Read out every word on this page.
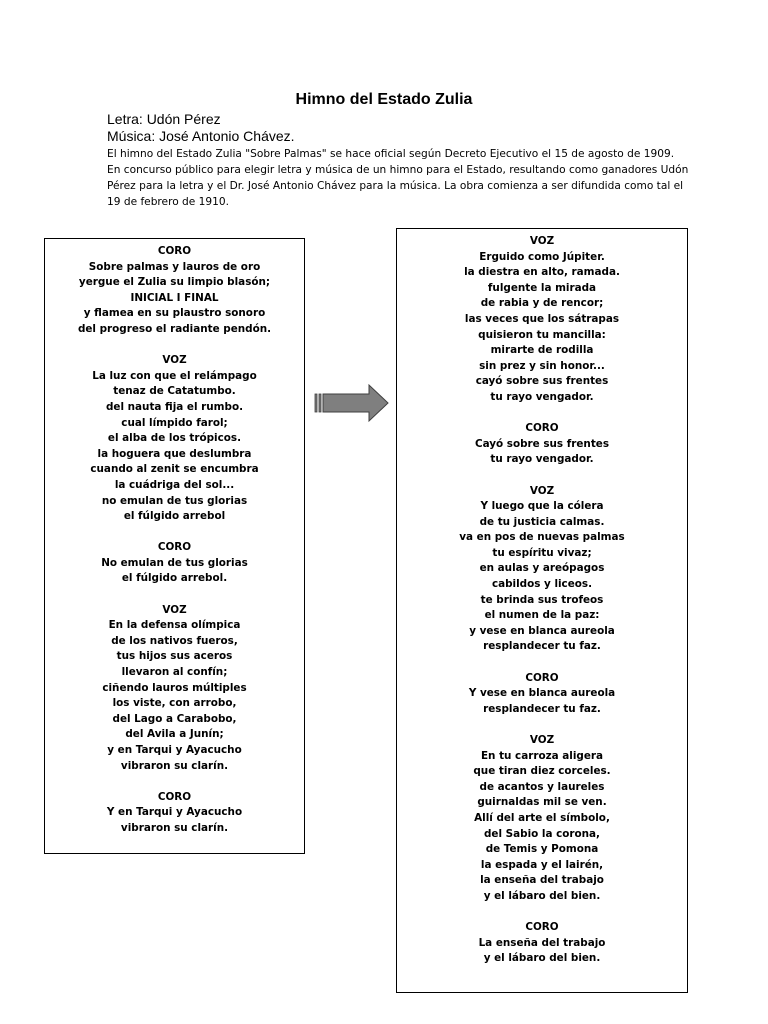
Himno del Estado Zulia
Letra: Udón Pérez
Música: José Antonio Chávez.
El himno del Estado Zulia "Sobre Palmas" se hace oficial según Decreto Ejecutivo el 15 de agosto de 1909.
En concurso público para elegir letra y música de un himno para el Estado, resultando como ganadores Udón
Pérez para la letra y el Dr. José Antonio Chávez para la música. La obra comienza a ser difundida como tal el
19 de febrero de 1910.
CORO
Sobre palmas y lauros de oro
yergue el Zulia su limpio blasón;
INICIAL I FINAL
y flamea en su plaustro sonoro
del progreso el radiante pendón.
VOZ
La luz con que el relámpago
tenaz de Catatumbo.
del nauta fija el rumbo.
cual límpido farol;
el alba de los trópicos.
la hoguera que deslumbra
cuando al zenit se encumbra
la cuádriga del sol...
no emulan de tus glorias
el fúlgido arrebol
CORO
No emulan de tus glorias
el fúlgido arrebol.
VOZ
En la defensa olímpica
de los nativos fueros,
tus hijos sus aceros
llevaron al confín;
ciñendo lauros múltiples
los viste, con arrobo,
del Lago a Carabobo,
del Avila a Junín;
y en Tarqui y Ayacucho
vibraron su clarín.
CORO
Y en Tarqui y Ayacucho
vibraron su clarín.
VOZ
Erguido como Júpiter.
la diestra en alto, ramada.
fulgente la mirada
de rabia y de rencor;
las veces que los sátrapas
quisieron tu mancilla:
mirarte de rodilla
sin prez y sin honor...
cayó sobre sus frentes
tu rayo vengador.
CORO
Cayó sobre sus frentes
tu rayo vengador.
VOZ
Y luego que la cólera
de tu justicia calmas.
va en pos de nuevas palmas
tu espíritu vivaz;
en aulas y areópagos
cabildos y liceos.
te brinda sus trofeos
el numen de la paz:
y vese en blanca aureola
resplandecer tu faz.
CORO
Y vese en blanca aureola
resplandecer tu faz.
VOZ
En tu carroza aligera
que tiran diez corceles.
de acantos y laureles
guirnaldas mil se ven.
Allí del arte el símbolo,
del Sabio la corona,
de Temis y Pomona
la espada y el lairén,
la enseña del trabajo
y el lábaro del bien.
CORO
La enseña del trabajo
y el lábaro del bien.
